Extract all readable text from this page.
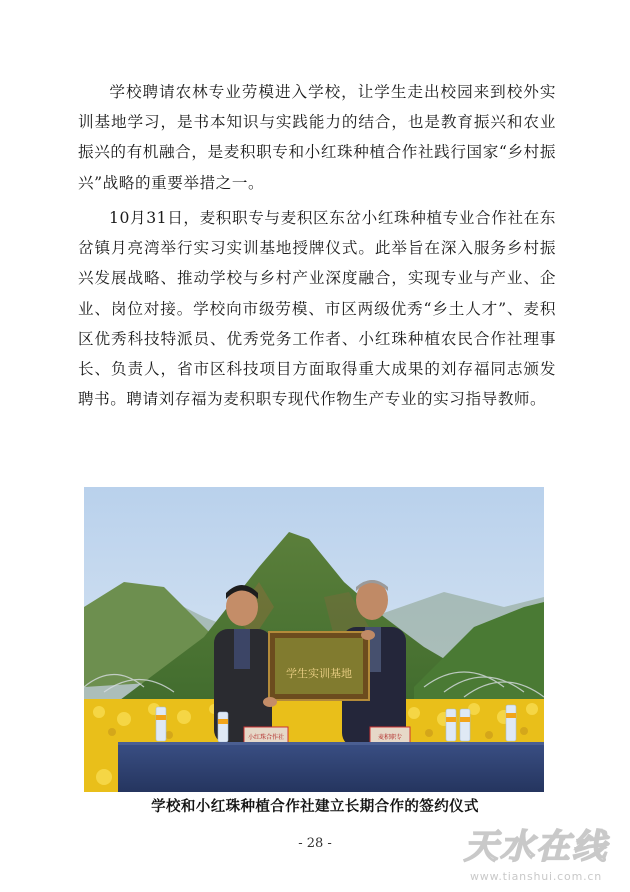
学校聘请农林专业劳模进入学校，让学生走出校园来到校外实训基地学习，是书本知识与实践能力的结合，也是教育振兴和农业振兴的有机融合，是麦积职专和小红珠种植合作社践行国家“乡村振兴”战略的重要举措之一。

10月31日，麦积职专与麦积区东岔小红珠种植专业合作社在东岔镇月亮湾举行实习实训基地授牌仪式。此举旨在深入服务乡村振兴发展战略、推动学校与乡村产业深度融合，实现专业与产业、企业、岗位对接。学校向市级劳模、市区两级优秀“乡土人才”、麦积区优秀科技特派员、优秀党务工作者、小红珠种植农民合作社理事长、负责人，省市区科技项目方面取得重大成果的刘存福同志颁发聘书。聘请刘存福为麦积职专现代作物生产专业的实习指导教师。

学生实训基地
小红珠合作社	麦积职专
学校和小红珠种植合作社建立长期合作的签约仪式
- 28 -	天水在线
www.tianshui.com.cn
